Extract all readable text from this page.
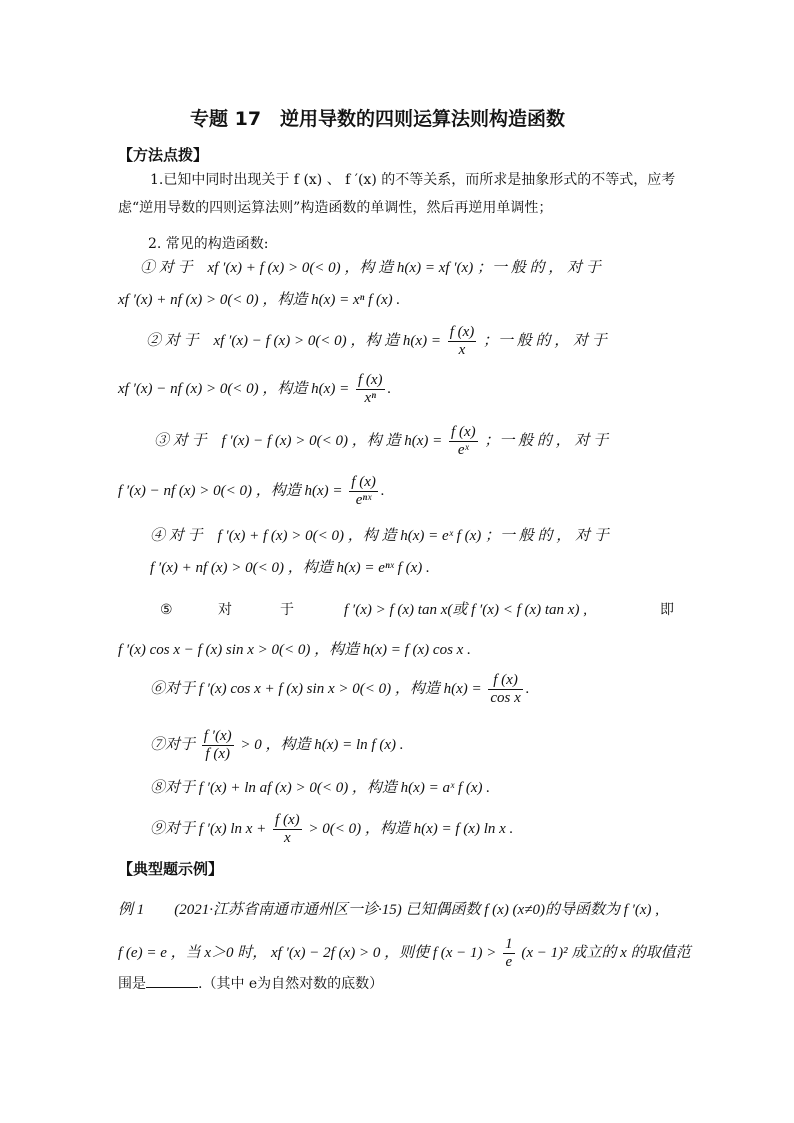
专题 17　逆用导数的四则运算法则构造函数
【方法点拨】
1.已知中同时出现关于 f (x) 、 f ′(x) 的不等关系，而所求是抽象形式的不等式，应考
虑“逆用导数的四则运算法则”构造函数的单调性，然后再逆用单调性；
2. 常见的构造函数:
① 对 于　xf ′(x) + f (x) > 0(< 0) ，构 造 h(x) = xf ′(x) ；一 般 的 ， 对 于
xf ′(x) + nf (x) > 0(< 0) ，构造 h(x) = xⁿ f (x) .
② 对 于　xf ′(x) − f (x) > 0(< 0) ，构 造 $h(x) = \frac{f (x)}{x}$ ；一 般 的 ， 对 于
xf ′(x) − nf (x) > 0(< 0) ，构造 $h(x) = \frac{f (x)}{\text{xⁿ}}$ .
③ 对 于　f ′(x) − f (x) > 0(< 0) ，构 造 $h(x) = \frac{f (x)}{\text{eˣ}}$ ；一 般 的 ， 对 于
f ′(x) − nf (x) > 0(< 0) ，构造 $h(x) = \frac{f (x)}{\text{eⁿˣ}}$ .
④ 对 于　f ′(x) + f (x) > 0(< 0) ，构 造 h(x) = eˣ f (x) ；一 般 的 ， 对 于
f ′(x) + nf (x) > 0(< 0) ，构造 h(x) = eⁿˣ f (x) .
⑤	对	于	f ′(x) > f (x) tan x(或 f ′(x) < f (x) tan x) ,	即
f ′(x) cos x − f (x) sin x > 0(< 0) ，构造 h(x) = f (x) cos x .
⑥对于 f ′(x) cos x + f (x) sin x > 0(< 0) ，构造 $h(x) = \frac{f (x)}{\text{cos x}}$ .
⑦对于 $\frac{f '(x)}{f (x)} > 0$ ，构造 h(x) = ln f (x) .
⑧对于 f ′(x) + ln af (x) > 0(< 0) ，构造 h(x) = aˣ f (x) .
⑨对于 f ′(x) $\ln x + \frac{f (x)}{x} > 0(< 0)$ ，构造 h(x) = f (x) ln x .
【典型题示例】
例 1　　(2021·江苏省南通市通州区一诊·15) 已知偶函数 f (x) (x≠0)的导函数为 f ′(x) ,
f (e) = e ，当 x＞0 时， xf ′(x) − 2f (x) > 0 ，则使 f $(x - 1) > \frac{1}{e} (x - 1)^2$ 成立的 x 的取值范
围是	.（其中 e为自然对数的底数）
